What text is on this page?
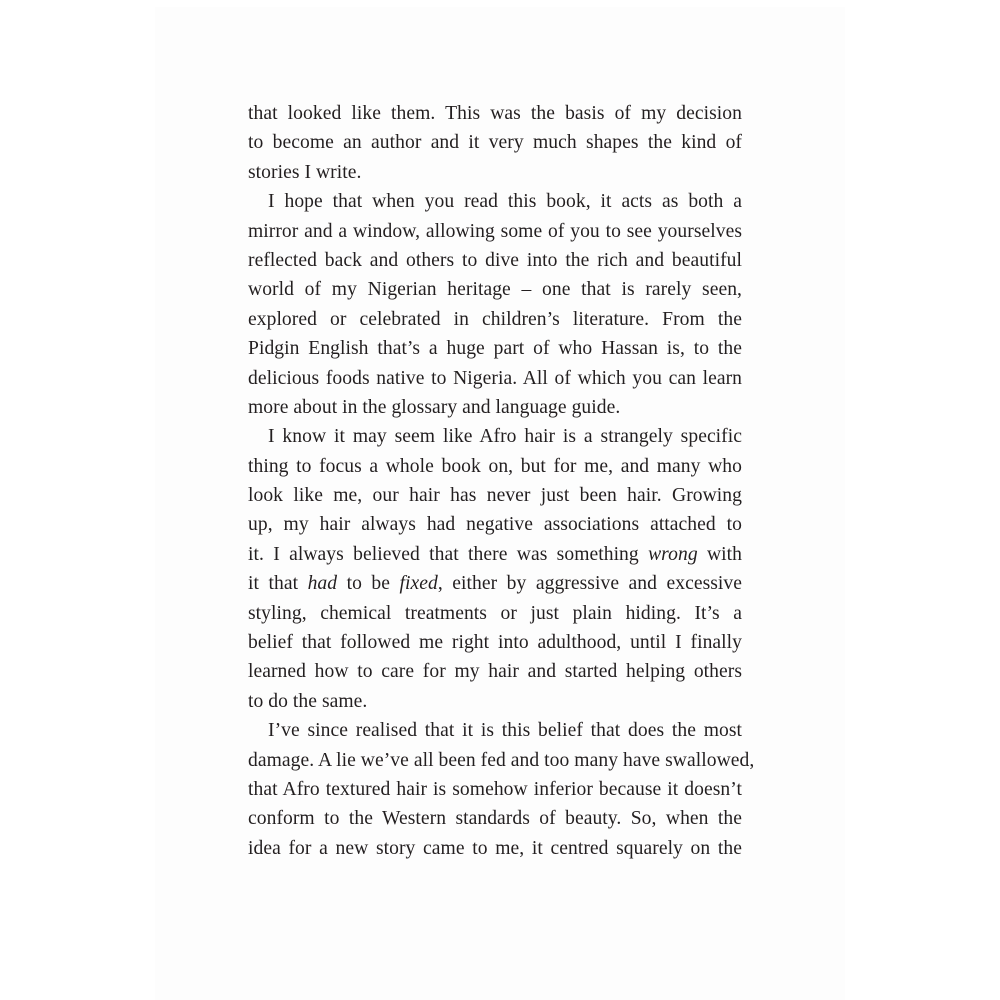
that looked like them. This was the basis of my decision
to become an author and it very much shapes the kind of
stories I write.
I hope that when you read this book, it acts as both a
mirror and a window, allowing some of you to see yourselves
reflected back and others to dive into the rich and beautiful
world of my Nigerian heritage – one that is rarely seen,
explored or celebrated in children’s literature. From the
Pidgin English that’s a huge part of who Hassan is, to the
delicious foods native to Nigeria. All of which you can learn
more about in the glossary and language guide.
I know it may seem like Afro hair is a strangely specific
thing to focus a whole book on, but for me, and many who
look like me, our hair has never just been hair. Growing
up, my hair always had negative associations attached to
it. I always believed that there was something wrong with
it that had to be fixed, either by aggressive and excessive
styling, chemical treatments or just plain hiding. It’s a
belief that followed me right into adulthood, until I finally
learned how to care for my hair and started helping others
to do the same.
I’ve since realised that it is this belief that does the most
damage. A lie we’ve all been fed and too many have swallowed,
that Afro textured hair is somehow inferior because it doesn’t
conform to the Western standards of beauty. So, when the
idea for a new story came to me, it centred squarely on the
